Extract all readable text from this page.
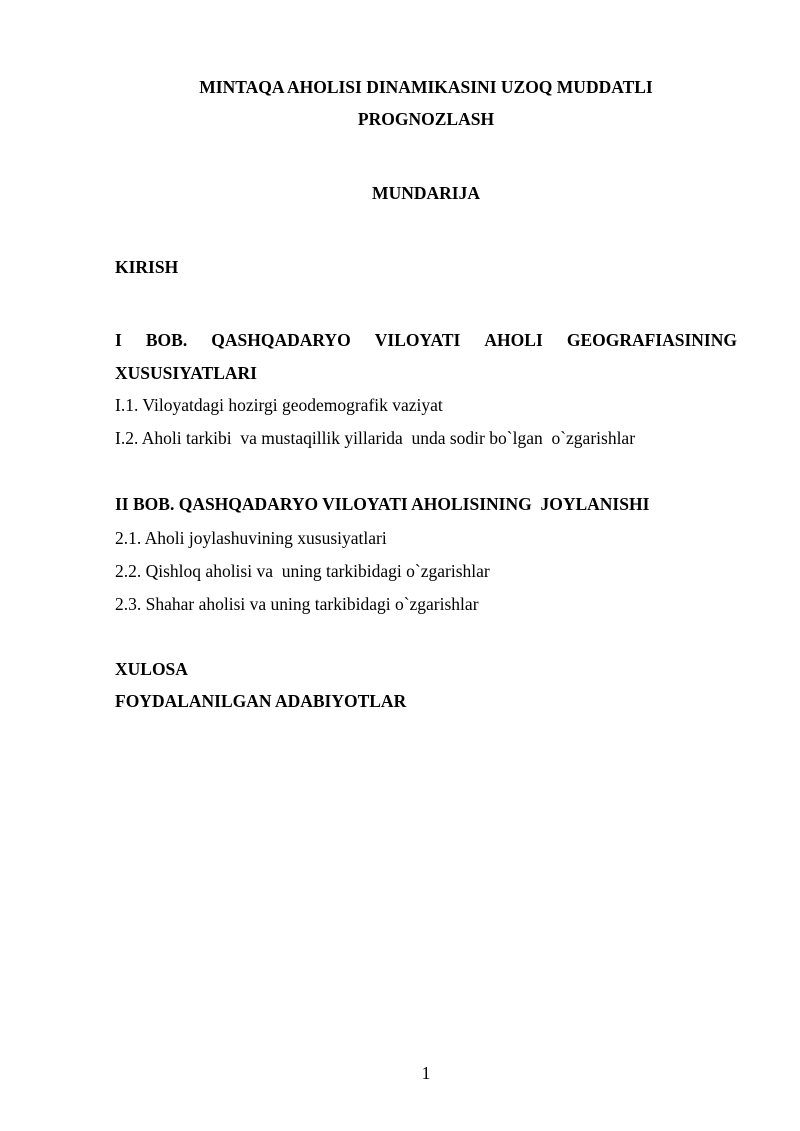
MINTAQA AHOLISI DINAMIKASINI UZOQ MUDDATLI
PROGNOZLASH
MUNDARIJA
KIRISH
I BOB. QASHQADARYO VILOYATI AHOLI GEOGRAFIASINING
XUSUSIYATLARI
I.1. Viloyatdagi hozirgi geodemografik vaziyat
I.2. Aholi tarkibi  va mustaqillik yillarida  unda sodir bo`lgan  o`zgarishlar
II BOB. QASHQADARYO VILOYATI AHOLISINING  JOYLANISHI
2.1. Aholi joylashuvining xususiyatlari
2.2. Qishloq aholisi va  uning tarkibidagi o`zgarishlar
2.3. Shahar aholisi va uning tarkibidagi o`zgarishlar
XULOSA
FOYDALANILGAN ADABIYOTLAR
1
